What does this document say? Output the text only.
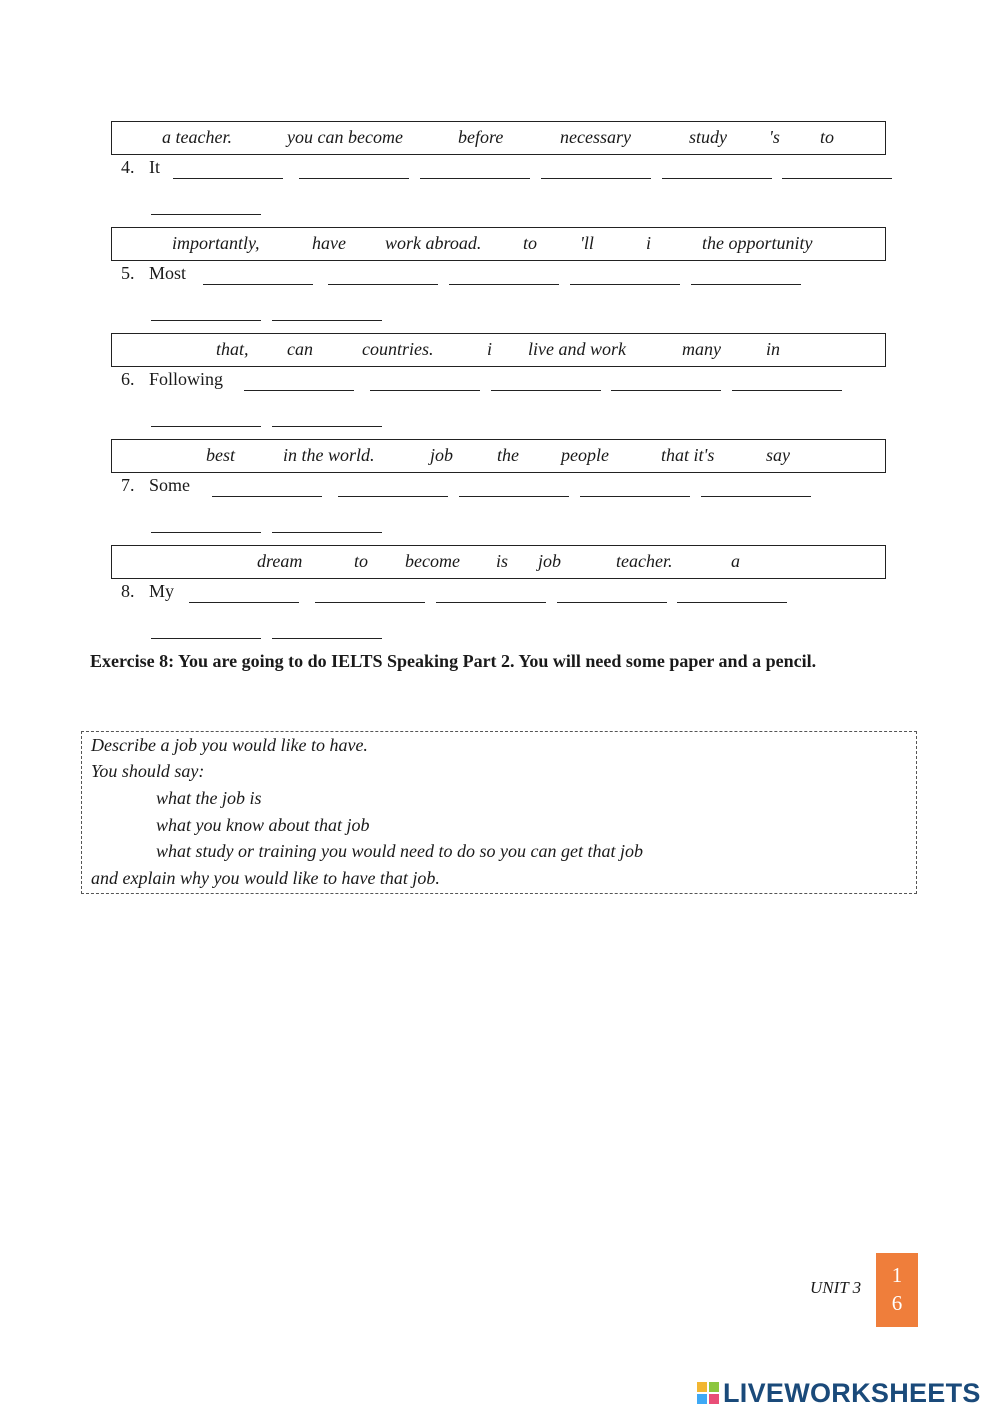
a teacher.	you can become	before	necessary	study 's to
4. It
importantly,	have work abroad. to 'll	i	the opportunity
5. Most
that, can	countries.	i live and work	many	in
6. Following
best	in the world.	job the people	that it's	say
7. Some
dream	to become is job	teacher.	a
8. My
Exercise 8: You are going to do IELTS Speaking Part 2. You will need some paper and a pencil.
Describe a job you would like to have.
You should say:
what the job is
what you know about that job
what study or training you would need to do so you can get that job
and explain why you would like to have that job.
UNIT 3
1
6
LIVEWORKSHEETS
